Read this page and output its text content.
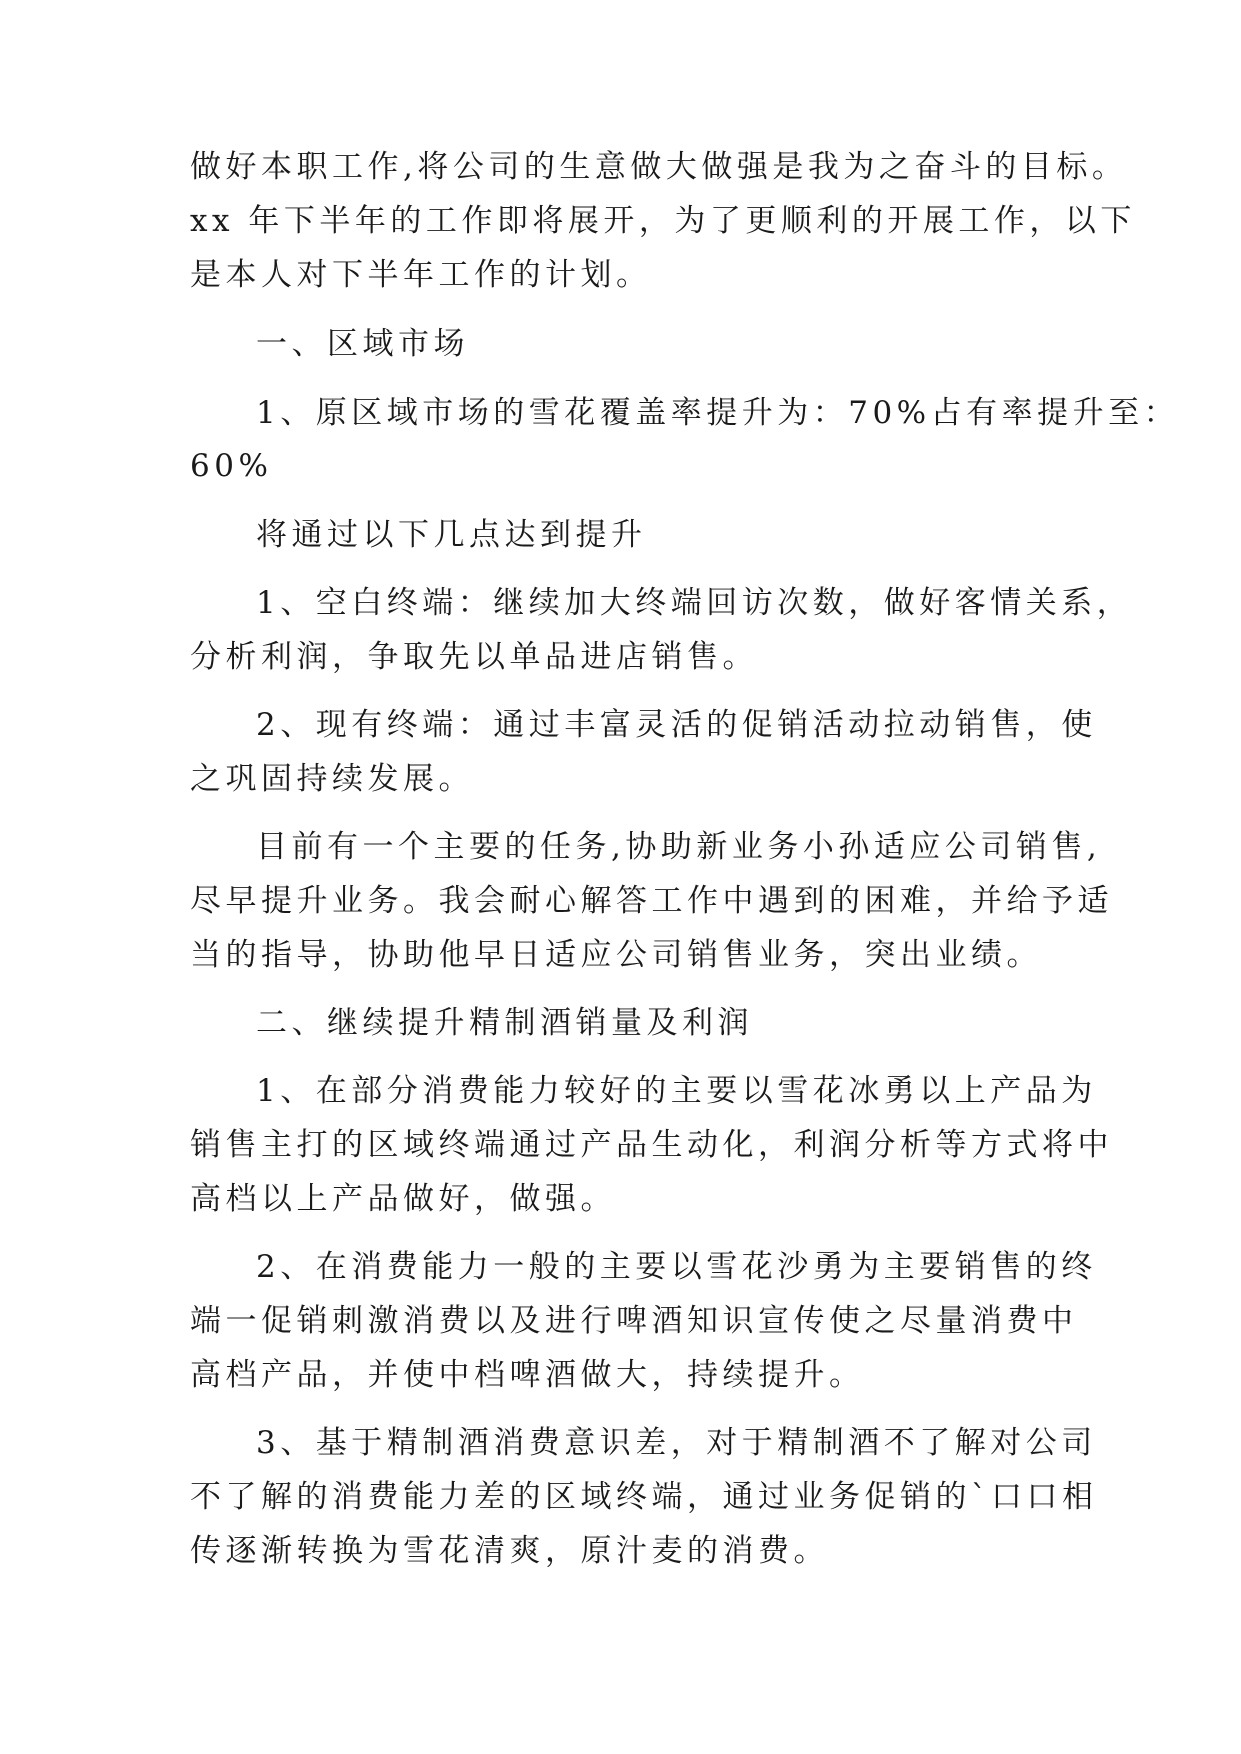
做好本职工作,将公司的生意做大做强是我为之奋斗的目标。
xx 年下半年的工作即将展开，为了更顺利的开展工作，以下
是本人对下半年工作的计划。
一、区域市场
1、原区域市场的雪花覆盖率提升为：70%占有率提升至：
60%
将通过以下几点达到提升
1、空白终端：继续加大终端回访次数，做好客情关系，
分析利润，争取先以单品进店销售。
2、现有终端：通过丰富灵活的促销活动拉动销售，使
之巩固持续发展。
目前有一个主要的任务,协助新业务小孙适应公司销售,
尽早提升业务。我会耐心解答工作中遇到的困难，并给予适
当的指导，协助他早日适应公司销售业务，突出业绩。
二、继续提升精制酒销量及利润
1、在部分消费能力较好的主要以雪花冰勇以上产品为
销售主打的区域终端通过产品生动化，利润分析等方式将中
高档以上产品做好，做强。
2、在消费能力一般的主要以雪花沙勇为主要销售的终
端一促销刺激消费以及进行啤酒知识宣传使之尽量消费中
高档产品，并使中档啤酒做大，持续提升。
3、基于精制酒消费意识差，对于精制酒不了解对公司
不了解的消费能力差的区域终端，通过业务促销的`口口相
传逐渐转换为雪花清爽，原汁麦的消费。
